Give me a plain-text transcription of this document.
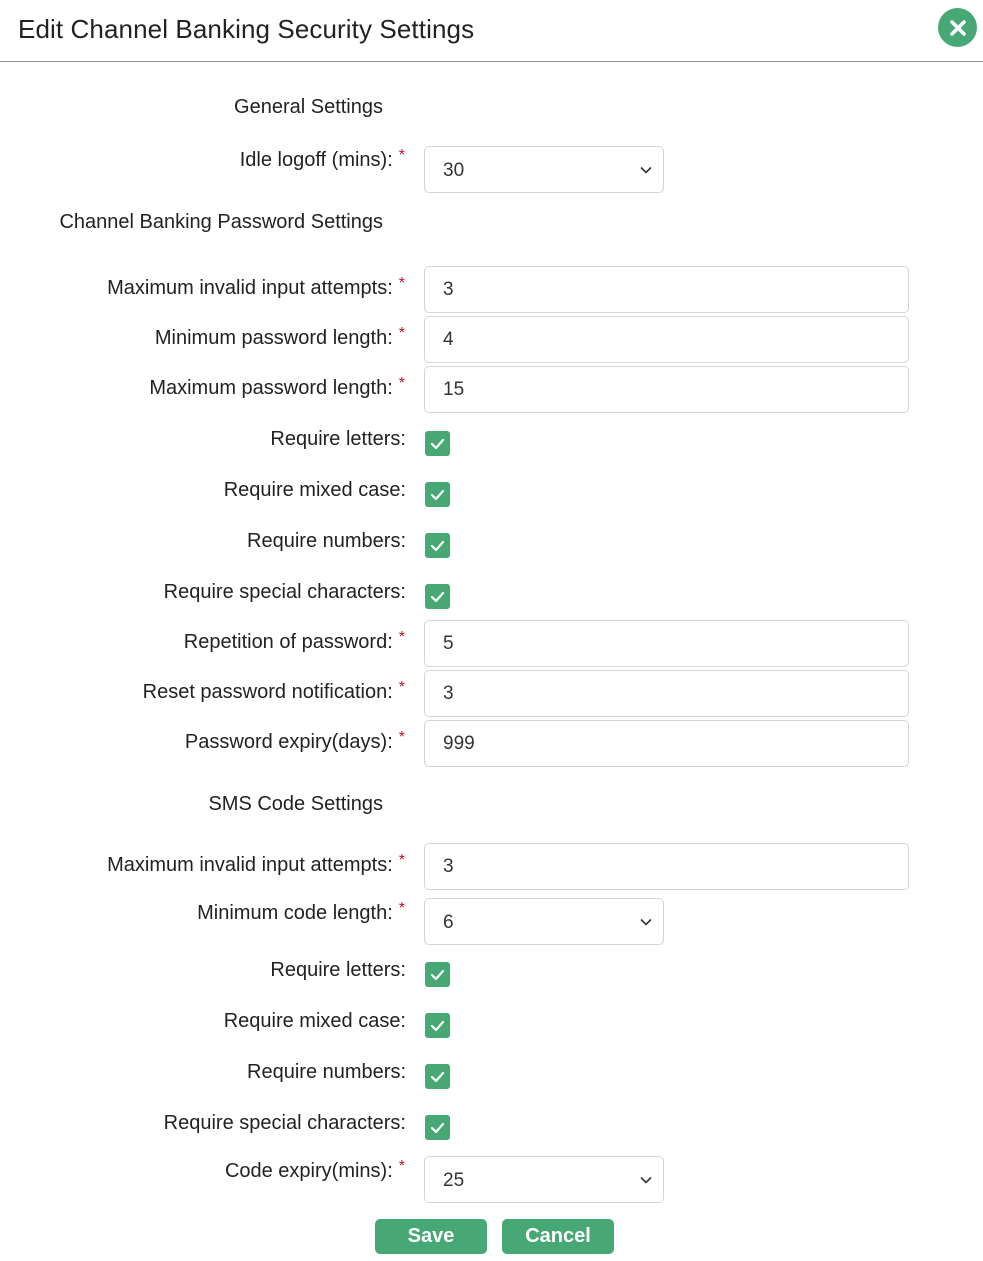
Edit Channel Banking Security Settings
General Settings
Idle logoff (mins): *
30
Channel Banking Password Settings
Maximum invalid input attempts: *	3
Minimum password length: *	4
Maximum password length: *	15
Require letters:
Require mixed case:
Require numbers:
Require special characters:
Repetition of password: *	5
Reset password notification: *	3
Password expiry(days): *	999
SMS Code Settings
Maximum invalid input attempts: *	3
Minimum code length: *
6
Require letters:
Require mixed case:
Require numbers:
Require special characters:
Code expiry(mins): *
25
Save	Cancel
